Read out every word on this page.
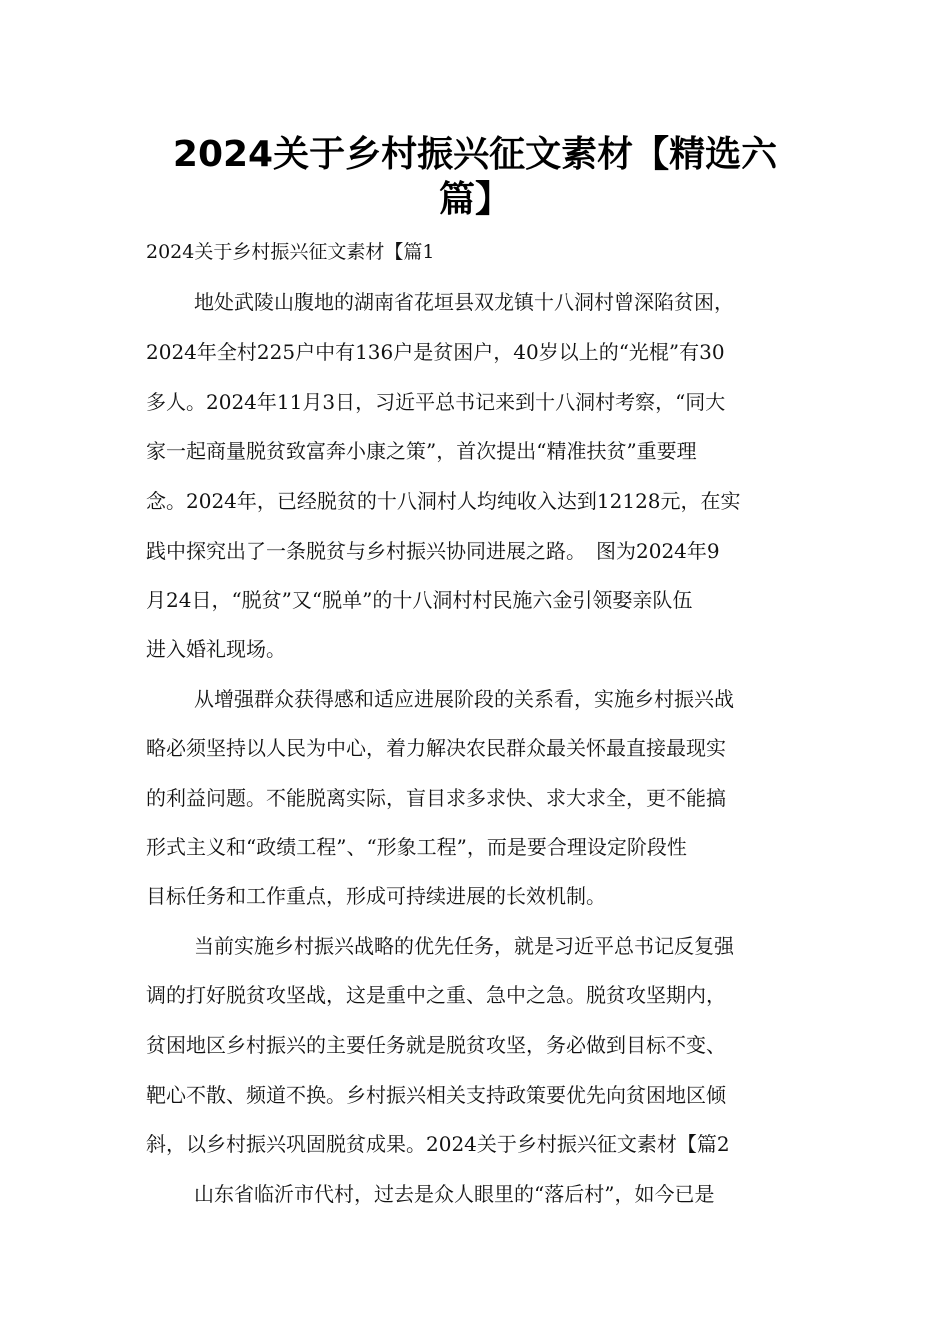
2024关于乡村振兴征文素材【精选六
篇】
2024关于乡村振兴征文素材【篇1
地处武陵山腹地的湖南省花垣县双龙镇十八洞村曾深陷贫困，
2024年全村225户中有136户是贫困户，40岁以上的“光棍”有30
多人。2024年11月3日，习近平总书记来到十八洞村考察，“同大
家一起商量脱贫致富奔小康之策”，首次提出“精准扶贫”重要理
念。2024年，已经脱贫的十八洞村人均纯收入达到12128元，在实
践中探究出了一条脱贫与乡村振兴协同进展之路。　图为2024年9
月24日，“脱贫”又“脱单”的十八洞村村民施六金引领娶亲队伍
进入婚礼现场。
从增强群众获得感和适应进展阶段的关系看，实施乡村振兴战
略必须坚持以人民为中心，着力解决农民群众最关怀最直接最现实
的利益问题。不能脱离实际，盲目求多求快、求大求全，更不能搞
形式主义和“政绩工程”、“形象工程”，而是要合理设定阶段性
目标任务和工作重点，形成可持续进展的长效机制。
当前实施乡村振兴战略的优先任务，就是习近平总书记反复强
调的打好脱贫攻坚战，这是重中之重、急中之急。脱贫攻坚期内，
贫困地区乡村振兴的主要任务就是脱贫攻坚，务必做到目标不变、
靶心不散、频道不换。乡村振兴相关支持政策要优先向贫困地区倾
斜，以乡村振兴巩固脱贫成果。2024关于乡村振兴征文素材【篇2
山东省临沂市代村，过去是众人眼里的“落后村”，如今已是
